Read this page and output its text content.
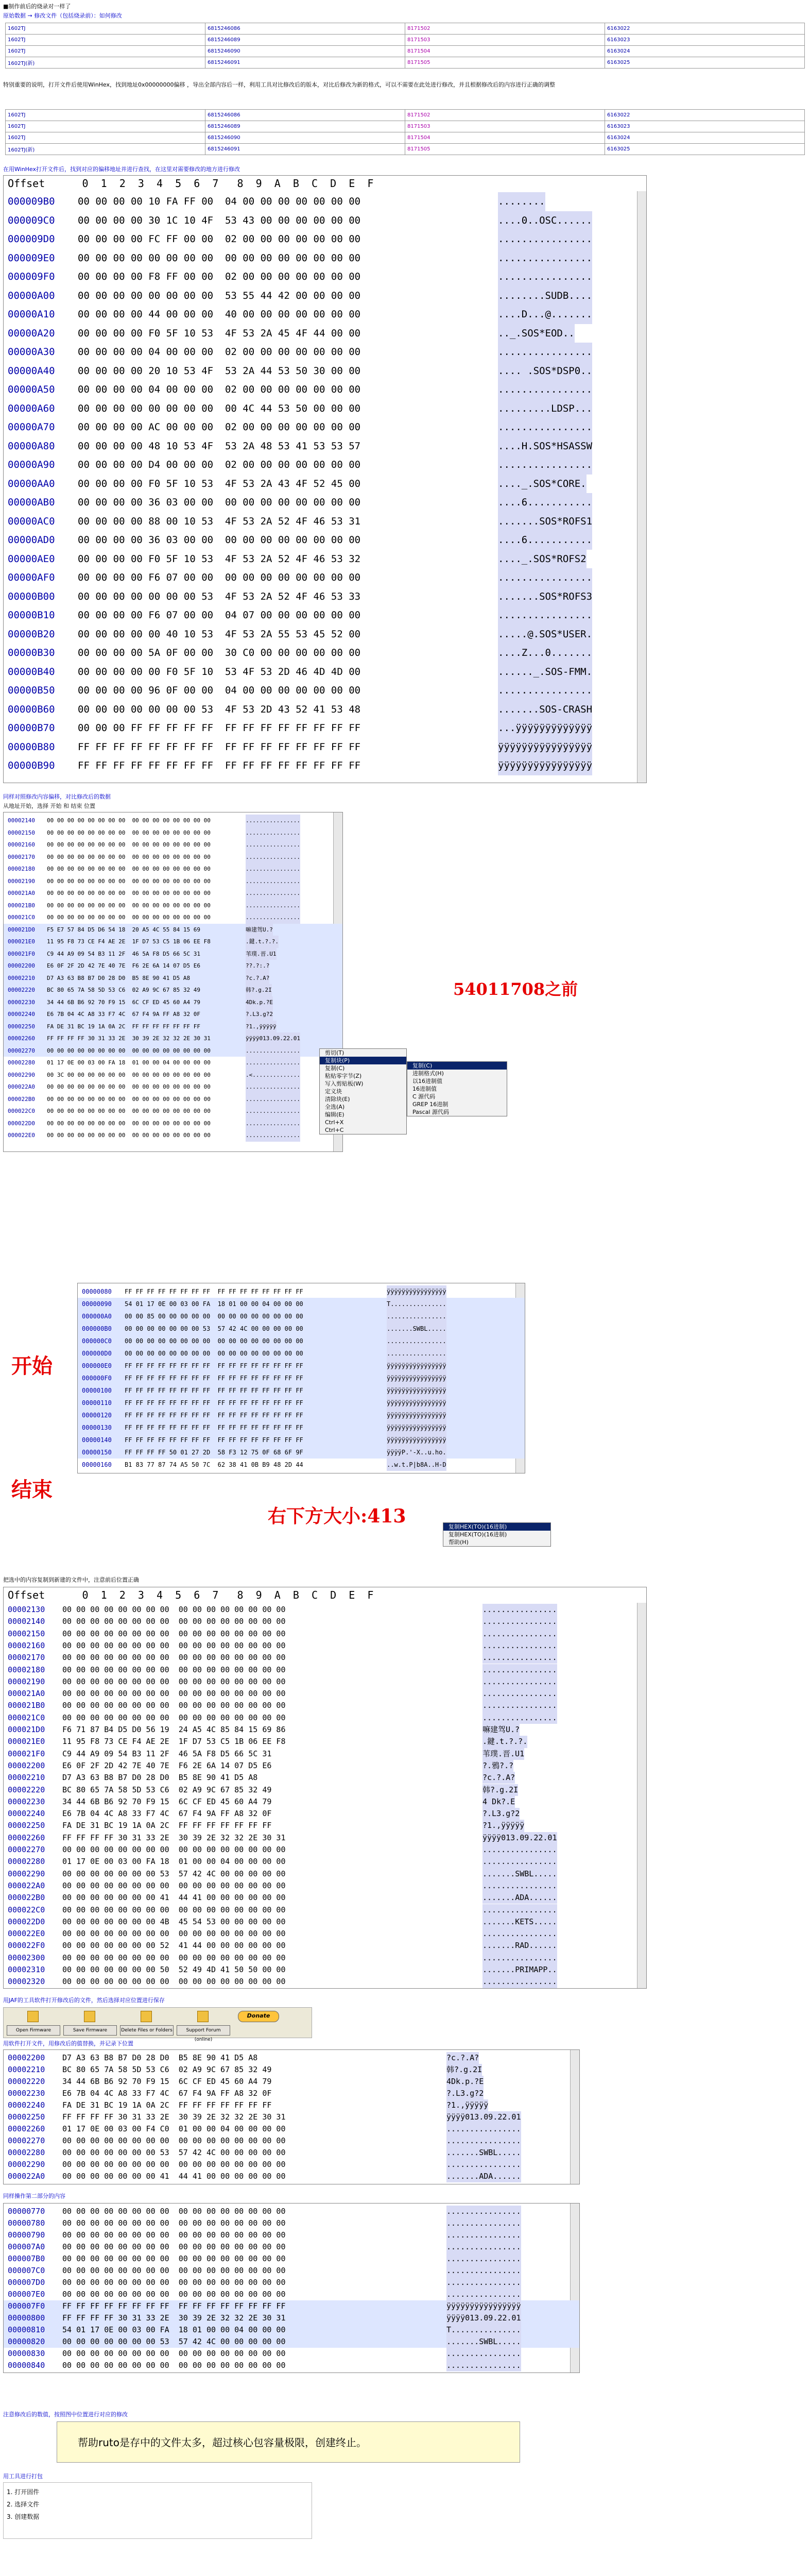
■制作前后的烧录对一样了
原始数据 → 修改文件（包括烧录前）：如何修改
1602TJ	6815246086	8171502	6163022
1602TJ	6815246089	8171503	6163023
1602TJ	6815246090	8171504	6163024
1602TJ(新)	6815246091	8171505	6163025
特别重要的说明，打开文件后使用WinHex，找到地址0x00000000偏移 ，导出全部内容后一样，利用工具对比修改后的版本，对比后修改为新的格式，可以不需要在此处进行修改，并且根据修改后的内容进行正确的调整
1602TJ	6815246086	8171502	6163022
1602TJ	6815246089	8171503	6163023
1602TJ	6815246090	8171504	6163024
1602TJ(新)	6815246091	8171505	6163025
在用WinHex打开文件后，找到对应的偏移地址并进行查找，在这里对需要修改的地方进行修改
Offset      0  1  2  3  4  5  6  7   8  9  A  B  C  D  E  F
000009B0 00 00 00 00 10 FA FF 00  04 00 00 00 00 00 00 00	........
000009C0 00 00 00 00 30 1C 10 4F  53 43 00 00 00 00 00 00	....0..OSC......
000009D0 00 00 00 00 FC FF 00 00  02 00 00 00 00 00 00 00	................
000009E0 00 00 00 00 00 00 00 00  00 00 00 00 00 00 00 00	................
000009F0 00 00 00 00 F8 FF 00 00  02 00 00 00 00 00 00 00	................
00000A00 00 00 00 00 00 00 00 00  53 55 44 42 00 00 00 00	........SUDB....
00000A10 00 00 00 00 44 00 00 00  40 00 00 00 00 00 00 00	....D...@.......
00000A20 00 00 00 00 F0 5F 10 53  4F 53 2A 45 4F 44 00 00	.._.SOS*EOD..
00000A30 00 00 00 00 04 00 00 00  02 00 00 00 00 00 00 00	................
00000A40 00 00 00 00 20 10 53 4F  53 2A 44 53 50 30 00 00	.... .SOS*DSP0..
00000A50 00 00 00 00 04 00 00 00  02 00 00 00 00 00 00 00	................
00000A60 00 00 00 00 00 00 00 00  00 4C 44 53 50 00 00 00	.........LDSP...
00000A70 00 00 00 00 AC 00 00 00  02 00 00 00 00 00 00 00	................
00000A80 00 00 00 00 48 10 53 4F  53 2A 48 53 41 53 53 57	....H.SOS*HSASSW
00000A90 00 00 00 00 D4 00 00 00  02 00 00 00 00 00 00 00	................
00000AA0 00 00 00 00 F0 5F 10 53  4F 53 2A 43 4F 52 45 00	...._.SOS*CORE.
00000AB0 00 00 00 00 36 03 00 00  00 00 00 00 00 00 00 00	....6...........
00000AC0 00 00 00 00 88 00 10 53  4F 53 2A 52 4F 46 53 31	.......SOS*ROFS1
00000AD0 00 00 00 00 36 03 00 00  00 00 00 00 00 00 00 00	....6...........
00000AE0 00 00 00 00 F0 5F 10 53  4F 53 2A 52 4F 46 53 32	...._.SOS*ROFS2
00000AF0 00 00 00 00 F6 07 00 00  00 00 00 00 00 00 00 00	................
00000B00 00 00 00 00 00 00 00 53  4F 53 2A 52 4F 46 53 33	.......SOS*ROFS3
00000B10 00 00 00 00 F6 07 00 00  04 07 00 00 00 00 00 00	................
00000B20 00 00 00 00 00 40 10 53  4F 53 2A 55 53 45 52 00	.....@.SOS*USER.
00000B30 00 00 00 00 5A 0F 00 00  30 C0 00 00 00 00 00 00	....Z...0.......
00000B40 00 00 00 00 00 F0 5F 10  53 4F 53 2D 46 4D 4D 00	......_.SOS-FMM.
00000B50 00 00 00 00 96 0F 00 00  04 00 00 00 00 00 00 00	................
00000B60 00 00 00 00 00 00 00 53  4F 53 2D 43 52 41 53 48	.......SOS-CRASH
00000B70 00 00 00 FF FF FF FF FF  FF FF FF FF FF FF FF FF	...ÿÿÿÿÿÿÿÿÿÿÿÿÿ
00000B80 FF FF FF FF FF FF FF FF  FF FF FF FF FF FF FF FF	ÿÿÿÿÿÿÿÿÿÿÿÿÿÿÿÿ
00000B90 FF FF FF FF FF FF FF FF  FF FF FF FF FF FF FF FF	ÿÿÿÿÿÿÿÿÿÿÿÿÿÿÿÿ
同样对照修改内容偏移，对比修改后的数据
从地址开始，选择 开始 和 结束 位置
00002140 00 00 00 00 00 00 00 00  00 00 00 00 00 00 00 00	................
00002150 00 00 00 00 00 00 00 00  00 00 00 00 00 00 00 00	................
00002160 00 00 00 00 00 00 00 00  00 00 00 00 00 00 00 00	................
00002170 00 00 00 00 00 00 00 00  00 00 00 00 00 00 00 00	................
00002180 00 00 00 00 00 00 00 00  00 00 00 00 00 00 00 00	................
00002190 00 00 00 00 00 00 00 00  00 00 00 00 00 00 00 00	................
000021A0 00 00 00 00 00 00 00 00  00 00 00 00 00 00 00 00	................
000021B0 00 00 00 00 00 00 00 00  00 00 00 00 00 00 00 00	................
000021C0 00 00 00 00 00 00 00 00  00 00 00 00 00 00 00 00	................
000021D0 F5 E7 57 84 D5 D6 54 18  20 A5 4C 55 84 15 69	嘛建驾U.?
000021E0 11 95 F8 73 CE F4 AE 2E  1F D7 53 C5 1B 06 EE F8	.鍵.t.?.?.
000021F0 C9 44 A9 09 54 B3 11 2F  46 5A F8 D5 66 5C 31	苇璞.晋.U1
00002200 E6 0F 2F 2D 42 7E 40 7E  F6 2E 6A 14 07 D5 E6	??.?:.?
00002210 D7 A3 63 B8 B7 D0 28 D0  B5 8E 90 41 D5 A8	?c.?.A?
00002220 BC 80 65 7A 58 5D 53 C6  02 A9 9C 67 85 32 49	韩?.g.2I
00002230 34 44 6B B6 92 70 F9 15  6C CF ED 45 60 A4 79	4Dk.p.?E
00002240 E6 7B 04 4C A8 33 F7 4C  67 F4 9A FF A8 32 0F	?.L3.g?2
00002250 FA DE 31 BC 19 1A 0A 2C  FF FF FF FF FF FF FF	?1.,ÿÿÿÿÿ
00002260 FF FF FF FF 30 31 33 2E  30 39 2E 32 32 2E 30 31	ÿÿÿÿ013.09.22.01
00002270 00 00 00 00 00 00 00 00  00 00 00 00 00 00 00 00	................
00002280 01 17 0E 00 03 00 FA 18  01 00 00 04 00 00 00 00	................
00002290 00 3C 00 00 00 00 00 00  00 00 00 00 00 00 00 00	.<..............
000022A0 00 00 00 00 00 00 00 00  00 00 00 00 00 00 00 00	................
000022B0 00 00 00 00 00 00 00 00  00 00 00 00 00 00 00 00	................
000022C0 00 00 00 00 00 00 00 00  00 00 00 00 00 00 00 00	................
000022D0 00 00 00 00 00 00 00 00  00 00 00 00 00 00 00 00	................
000022E0 00 00 00 00 00 00 00 00  00 00 00 00 00 00 00 00	................
54011708之前
剪切(T)
复制块(P)
复制(C)
粘贴零字节(Z)
写入剪贴板(W)
定义块
清除块(E)
全选(A)
编辑(E)
Ctrl+X
Ctrl+C
复制(C)
进制格式(H)
以16进制值
16进制值
C 源代码
GREP 16进制
Pascal 源代码
开始
00000080 FF FF FF FF FF FF FF FF  FF FF FF FF FF FF FF FF	ÿÿÿÿÿÿÿÿÿÿÿÿÿÿÿÿ
00000090 54 01 17 0E 00 03 00 FA  18 01 00 00 04 00 00 00	T...............
000000A0 00 00 85 00 00 00 00 00  00 00 00 00 00 00 00 00	................
000000B0 00 00 00 00 00 00 00 53  57 42 4C 00 00 00 00 00	.......SWBL.....
000000C0 00 00 00 00 00 00 00 00  00 00 00 00 00 00 00 00	................
000000D0 00 00 00 00 00 00 00 00  00 00 00 00 00 00 00 00	................
000000E0 FF FF FF FF FF FF FF FF  FF FF FF FF FF FF FF FF	ÿÿÿÿÿÿÿÿÿÿÿÿÿÿÿÿ
000000F0 FF FF FF FF FF FF FF FF  FF FF FF FF FF FF FF FF	ÿÿÿÿÿÿÿÿÿÿÿÿÿÿÿÿ
00000100 FF FF FF FF FF FF FF FF  FF FF FF FF FF FF FF FF	ÿÿÿÿÿÿÿÿÿÿÿÿÿÿÿÿ
00000110 FF FF FF FF FF FF FF FF  FF FF FF FF FF FF FF FF	ÿÿÿÿÿÿÿÿÿÿÿÿÿÿÿÿ
00000120 FF FF FF FF FF FF FF FF  FF FF FF FF FF FF FF FF	ÿÿÿÿÿÿÿÿÿÿÿÿÿÿÿÿ
00000130 FF FF FF FF FF FF FF FF  FF FF FF FF FF FF FF FF	ÿÿÿÿÿÿÿÿÿÿÿÿÿÿÿÿ
00000140 FF FF FF FF FF FF FF FF  FF FF FF FF FF FF FF FF	ÿÿÿÿÿÿÿÿÿÿÿÿÿÿÿÿ
00000150 FF FF FF FF 50 01 27 2D  58 F3 12 75 0F 68 6F 9F	ÿÿÿÿP.'-X..u.ho.
00000160 B1 83 77 87 74 A5 50 7C  62 38 41 0B B9 48 2D 44	..w.t.P|b8A..H-D
结束
右下方大小:413	复制HEX(TO)(16进制)
复制HEX(TO)(16进制)
帮助(H)
把选中的内容复制到新建的文件中，注意前后位置正确
Offset      0  1  2  3  4  5  6  7   8  9  A  B  C  D  E  F
00002130 00 00 00 00 00 00 00 00  00 00 00 00 00 00 00 00	................
00002140 00 00 00 00 00 00 00 00  00 00 00 00 00 00 00 00	................
00002150 00 00 00 00 00 00 00 00  00 00 00 00 00 00 00 00	................
00002160 00 00 00 00 00 00 00 00  00 00 00 00 00 00 00 00	................
00002170 00 00 00 00 00 00 00 00  00 00 00 00 00 00 00 00	................
00002180 00 00 00 00 00 00 00 00  00 00 00 00 00 00 00 00	................
00002190 00 00 00 00 00 00 00 00  00 00 00 00 00 00 00 00	................
000021A0 00 00 00 00 00 00 00 00  00 00 00 00 00 00 00 00	................
000021B0 00 00 00 00 00 00 00 00  00 00 00 00 00 00 00 00	................
000021C0 00 00 00 00 00 00 00 00  00 00 00 00 00 00 00 00	................
000021D0 F6 71 87 B4 D5 D0 56 19  24 A5 4C 85 84 15 69 86	嘛建驾U.?
000021E0 11 95 F8 73 CE F4 AE 2E  1F D7 53 C5 1B 06 EE F8	.鍵.t.?.?.
000021F0 C9 44 A9 09 54 B3 11 2F  46 5A F8 D5 66 5C 31	苇璞.晋.U1
00002200 E6 0F 2F 2D 42 7E 40 7E  F6 2E 6A 14 07 D5 E6	?.鴉?.?
00002210 D7 A3 63 B8 B7 D0 28 D0  B5 8E 90 41 D5 A8	?c.?.A?
00002220 BC 80 65 7A 58 5D 53 C6  02 A9 9C 67 85 32 49	韩?.g.2I
00002230 34 44 6B B6 92 70 F9 15  6C CF ED 45 60 A4 79	4 Dk?.E
00002240 E6 7B 04 4C A8 33 F7 4C  67 F4 9A FF A8 32 0F	?.L3.g?2
00002250 FA DE 31 BC 19 1A 0A 2C  FF FF FF FF FF FF FF	?1.,ÿÿÿÿÿ
00002260 FF FF FF FF 30 31 33 2E  30 39 2E 32 32 2E 30 31	ÿÿÿÿ013.09.22.01
00002270 00 00 00 00 00 00 00 00  00 00 00 00 00 00 00 00	................
00002280 01 17 0E 00 03 00 FA 18  01 00 00 04 00 00 00 00	................
00002290 00 00 00 00 00 00 00 53  57 42 4C 00 00 00 00 00	.......SWBL.....
000022A0 00 00 00 00 00 00 00 00  00 00 00 00 00 00 00 00	................
000022B0 00 00 00 00 00 00 00 41  44 41 00 00 00 00 00 00	.......ADA......
000022C0 00 00 00 00 00 00 00 00  00 00 00 00 00 00 00 00	................
000022D0 00 00 00 00 00 00 00 4B  45 54 53 00 00 00 00 00	.......KETS.....
000022E0 00 00 00 00 00 00 00 00  00 00 00 00 00 00 00 00	................
000022F0 00 00 00 00 00 00 00 52  41 44 00 00 00 00 00 00	.......RAD......
00002300 00 00 00 00 00 00 00 00  00 00 00 00 00 00 00 00	................
00002310 00 00 00 00 00 00 00 50  52 49 4D 41 50 50 00 00	.......PRIMAPP..
00002320 00 00 00 00 00 00 00 00  00 00 00 00 00 00 00 00	................
用JAF的工具软件打开修改后的文件，然后选择对应位置进行保存
Open Firmware	Save Firmware	Delete Files or Folders	Support Forum (online)
Donate
用软件打开文件，用修改后的值替换，并记录下位置
00002200 D7 A3 63 B8 B7 D0 28 D0  B5 8E 90 41 D5 A8	?c.?.A?
00002210 BC 80 65 7A 58 5D 53 C6  02 A9 9C 67 85 32 49	韩?.g.2I
00002220 34 44 6B B6 92 70 F9 15  6C CF ED 45 60 A4 79	4Dk.p.?E
00002230 E6 7B 04 4C A8 33 F7 4C  67 F4 9A FF A8 32 0F	?.L3.g?2
00002240 FA DE 31 BC 19 1A 0A 2C  FF FF FF FF FF FF FF	?1.,ÿÿÿÿÿ
00002250 FF FF FF FF 30 31 33 2E  30 39 2E 32 32 2E 30 31	ÿÿÿÿ013.09.22.01
00002260 01 17 0E 00 03 00 F4 C0  01 00 00 04 00 00 00 00	................
00002270 00 00 00 00 00 00 00 00  00 00 00 00 00 00 00 00	................
00002280 00 00 00 00 00 00 00 53  57 42 4C 00 00 00 00 00	.......SWBL.....
00002290 00 00 00 00 00 00 00 00  00 00 00 00 00 00 00 00	................
000022A0 00 00 00 00 00 00 00 41  44 41 00 00 00 00 00 00	.......ADA......
同样操作第二部分的内容
00000770 00 00 00 00 00 00 00 00  00 00 00 00 00 00 00 00	................
00000780 00 00 00 00 00 00 00 00  00 00 00 00 00 00 00 00	................
00000790 00 00 00 00 00 00 00 00  00 00 00 00 00 00 00 00	................
000007A0 00 00 00 00 00 00 00 00  00 00 00 00 00 00 00 00	................
000007B0 00 00 00 00 00 00 00 00  00 00 00 00 00 00 00 00	................
000007C0 00 00 00 00 00 00 00 00  00 00 00 00 00 00 00 00	................
000007D0 00 00 00 00 00 00 00 00  00 00 00 00 00 00 00 00	................
000007E0 00 00 00 00 00 00 00 00  00 00 00 00 00 00 00 00	................
000007F0 FF FF FF FF FF FF FF FF  FF FF FF FF FF FF FF FF	ÿÿÿÿÿÿÿÿÿÿÿÿÿÿÿÿ
00000800 FF FF FF FF 30 31 33 2E  30 39 2E 32 32 2E 30 31	ÿÿÿÿ013.09.22.01
00000810 54 01 17 0E 00 03 00 FA  18 01 00 00 04 00 00 00	T...............
00000820 00 00 00 00 00 00 00 53  57 42 4C 00 00 00 00 00	.......SWBL.....
00000830 00 00 00 00 00 00 00 00  00 00 00 00 00 00 00 00	................
00000840 00 00 00 00 00 00 00 00  00 00 00 00 00 00 00 00	................
注意修改后的数值，按照图中位置进行对应的修改
帮助ruto是存中的文件太多，超过核心包容量极限，创建终止。
用工具进行打包
1. 打开固件
2. 选择文件
3. 创建数据
